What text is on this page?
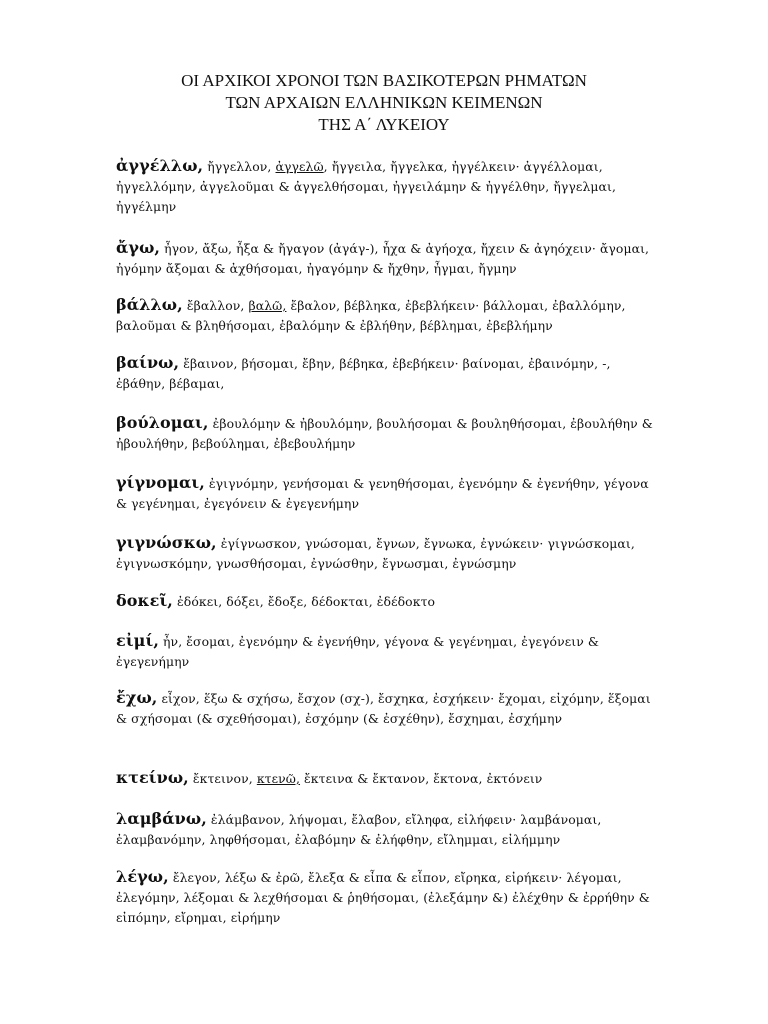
ΟΙ ΑΡΧΙΚΟΙ ΧΡΟΝΟΙ ΤΩΝ ΒΑΣΙΚΟΤΕΡΩΝ ΡΗΜΑΤΩΝ
ΤΩΝ ΑΡΧΑΙΩΝ ΕΛΛΗΝΙΚΩΝ ΚΕΙΜΕΝΩΝ
ΤΗΣ Α΄ ΛΥΚΕΙΟΥ
ἀγγέλλω, ἤγγελλον, ἀγγελῶ, ἤγγειλα, ἤγγελκα, ἠγγέλκειν· ἀγγέλλομαι, ἠγγελλόμην, ἀγγελοῦμαι & ἀγγελθήσομαι, ἠγγειλάμην & ἠγγέλθην, ἤγγελμαι, ἠγγέλμην
ἄγω, ἦγον, ἄξω, ἦξα & ἤγαγον (ἀγάγ-), ἦχα & ἀγήοχα, ἤχειν & ἀγηόχειν· ἄγομαι, ἠγόμην ἄξομαι & ἀχθήσομαι, ἠγαγόμην & ἤχθην, ἦγμαι, ἤγμην
βάλλω, ἔβαλλον, βαλῶ, ἔβαλον, βέβληκα, ἐβεβλήκειν· βάλλομαι, ἐβαλλόμην, βαλοῦμαι & βληθήσομαι, ἐβαλόμην & ἐβλήθην, βέβλημαι, ἐβεβλήμην
βαίνω, ἔβαινον, βήσομαι, ἔβην, βέβηκα, ἐβεβήκειν· βαίνομαι, ἐβαινόμην, -, ἐβάθην, βέβαμαι,
βούλομαι, ἐβουλόμην & ἠβουλόμην, βουλήσομαι & βουληθήσομαι, ἐβουλήθην & ἠβουλήθην, βεβούλημαι, ἐβεβουλήμην
γίγνομαι, ἐγιγνόμην, γενήσομαι & γενηθήσομαι, ἐγενόμην & ἐγενήθην, γέγονα & γεγένημαι, ἐγεγόνειν & ἐγεγενήμην
γιγνώσκω, ἐγίγνωσκον, γνώσομαι, ἔγνων, ἔγνωκα, ἐγνώκειν· γιγνώσκομαι, ἐγιγνωσκόμην, γνωσθήσομαι, ἐγνώσθην, ἔγνωσμαι, ἐγνώσμην
δοκεῖ, ἐδόκει, δόξει, ἔδοξε, δέδοκται, ἐδέδοκτο
εἰμί, ἦν, ἔσομαι, ἐγενόμην & ἐγενήθην, γέγονα & γεγένημαι, ἐγεγόνειν & ἐγεγενήμην
ἔχω, εἶχον, ἕξω & σχήσω, ἔσχον (σχ-), ἔσχηκα, ἐσχήκειν· ἔχομαι, εἰχόμην, ἕξομαι & σχήσομαι (& σχεθήσομαι), ἐσχόμην (& ἐσχέθην), ἔσχημαι, ἐσχήμην
κτείνω, ἔκτεινον, κτενῶ, ἔκτεινα & ἔκτανον, ἔκτονα, ἐκτόνειν
λαμβάνω, ἐλάμβανον, λήψομαι, ἔλαβον, εἴληφα, εἰλήφειν· λαμβάνομαι, ἐλαμβανόμην, ληφθήσομαι, ἐλαβόμην & ἐλήφθην, εἴλημμαι, εἰλήμμην
λέγω, ἔλεγον, λέξω & ἐρῶ, ἔλεξα & εἶπα & εἶπον, εἴρηκα, εἰρήκειν· λέγομαι, ἐλεγόμην, λέξομαι & λεχθήσομαι & ῥηθήσομαι, (ἐλεξάμην &) ἐλέχθην & ἐρρήθην & εἰπόμην, εἴρημαι, εἰρήμην
